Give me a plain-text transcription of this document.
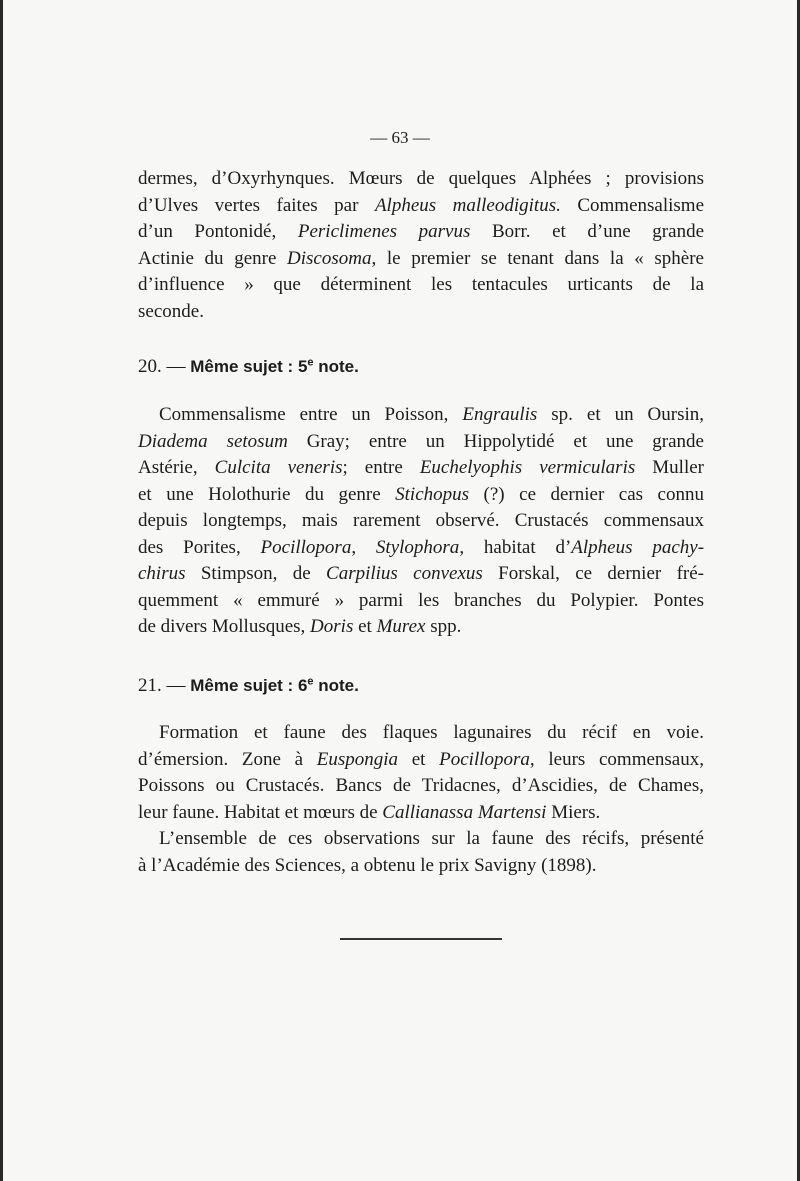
— 63 —

dermes, d’Oxyrhynques. Mœurs de quelques Alphées ; provisions

d’Ulves vertes faites par Alpheus malleodigitus. Commensalisme

d’un Pontonidé, Periclimenes parvus Borr. et d’une grande

Actinie du genre Discosoma, le premier se tenant dans la « sphère

d’influence » que déterminent les tentacules urticants de la

seconde.

20. — Même sujet : 5e note.

Commensalisme entre un Poisson, Engraulis sp. et un Oursin,

Diadema setosum Gray; entre un Hippolytidé et une grande

Astérie, Culcita veneris; entre Euchelyophis vermicularis Muller

et une Holothurie du genre Stichopus (?) ce dernier cas connu

depuis longtemps, mais rarement observé. Crustacés commensaux

des Porites, Pocillopora, Stylophora, habitat d’Alpheus pachy-

chirus Stimpson, de Carpilius convexus Forskal, ce dernier fré-

quemment « emmuré » parmi les branches du Polypier. Pontes

de divers Mollusques, Doris et Murex spp.

21. — Même sujet : 6e note.

Formation et faune des flaques lagunaires du récif en voie.

d’émersion. Zone à Euspongia et Pocillopora, leurs commensaux,

Poissons ou Crustacés. Bancs de Tridacnes, d’Ascidies, de Chames,

leur faune. Habitat et mœurs de Callianassa Martensi Miers.

L’ensemble de ces observations sur la faune des récifs, présenté

à l’Académie des Sciences, a obtenu le prix Savigny (1898).
